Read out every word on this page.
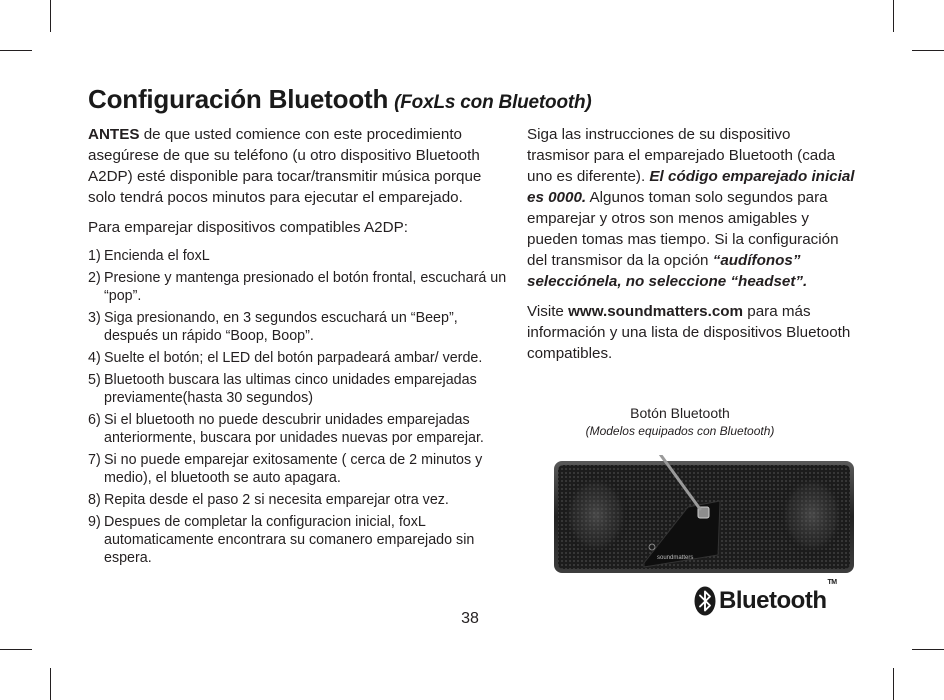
Configuración Bluetooth (FoxLs con Bluetooth)

ANTES de que usted comience con este procedimiento asegúrese de que su teléfono (u otro dispositivo Bluetooth A2DP) esté disponible para tocar/transmitir música porque solo tendrá pocos minutos para ejecutar el emparejado.

Para emparejar dispositivos compatibles A2DP:

1) Encienda el foxL
2) Presione y mantenga presionado el botón frontal, escuchará un “pop”.
3) Siga presionando, en 3 segundos escuchará un “Beep”, después un rápido “Boop, Boop”.
4) Suelte el botón; el LED del botón parpadeará ambar/ verde.
5) Bluetooth buscara las ultimas cinco unidades emparejadas previamente(hasta 30 segundos)
6) Si el bluetooth no puede descubrir unidades emparejadas anteriormente, buscara por unidades nuevas por emparejar.
7) Si no puede emparejar exitosamente ( cerca de 2 minutos y medio), el bluetooth se auto apagara.
8) Repita desde el paso 2 si necesita emparejar otra vez.
9) Despues de completar la configuracion inicial, foxL automaticamente encontrara su comanero emparejado sin espera.

Siga las instrucciones de su dispositivo trasmisor para el emparejado Bluetooth (cada uno es diferente). El código emparejado inicial es 0000. Algunos toman solo segundos para emparejar y otros son menos amigables y pueden tomas mas tiempo. Si la configuración del transmisor da la opción “audífonos” selecciónela, no seleccione “headset”.

Visite www.soundmatters.com para más información y una lista de dispositivos Bluetooth compatibles.

Botón Bluetooth
(Modelos equipados con Bluetooth)
soundmatters
Bluetooth™
38
